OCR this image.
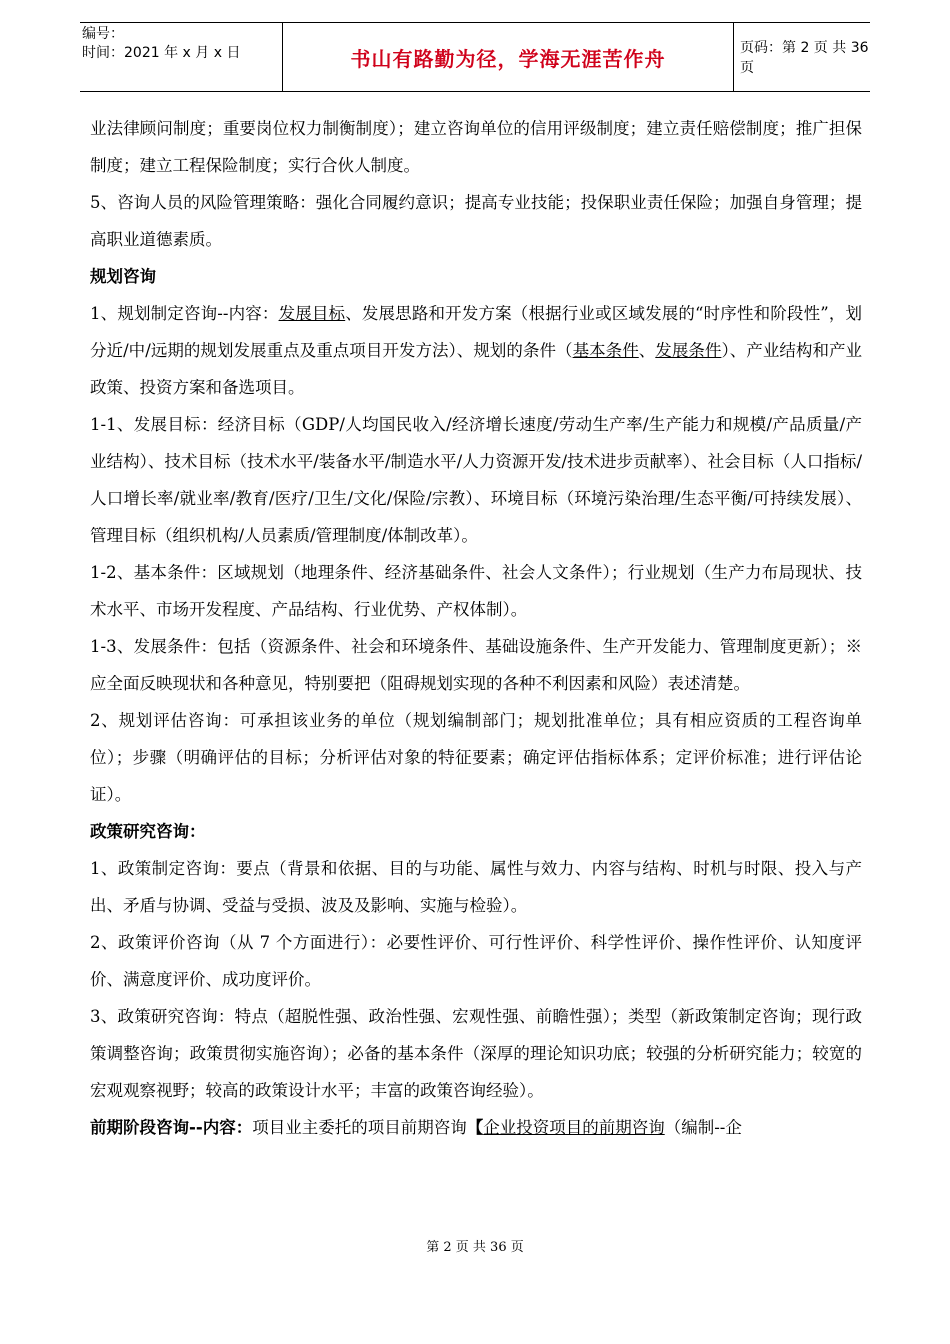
编号：
时间：2021 年 x 月 x 日	书山有路勤为径，学海无涯苦作舟	页码：第 2 页 共 36 页

业法律顾问制度；重要岗位权力制衡制度）；建立咨询单位的信用评级制度；建立责任赔偿制度；推广担保制度；建立工程保险制度；实行合伙人制度。

5、咨询人员的风险管理策略：强化合同履约意识；提高专业技能；投保职业责任保险；加强自身管理；提高职业道德素质。

规划咨询

1、规划制定咨询--内容：发展目标、发展思路和开发方案（根据行业或区域发展的“时序性和阶段性”，划分近/中/远期的规划发展重点及重点项目开发方法）、规划的条件（基本条件、发展条件）、产业结构和产业政策、投资方案和备选项目。

1-1、发展目标：经济目标（GDP/人均国民收入/经济增长速度/劳动生产率/生产能力和规模/产品质量/产业结构）、技术目标（技术水平/装备水平/制造水平/人力资源开发/技术进步贡献率）、社会目标（人口指标/人口增长率/就业率/教育/医疗/卫生/文化/保险/宗教）、环境目标（环境污染治理/生态平衡/可持续发展）、管理目标（组织机构/人员素质/管理制度/体制改革）。

1-2、基本条件：区域规划（地理条件、经济基础条件、社会人文条件）；行业规划（生产力布局现状、技术水平、市场开发程度、产品结构、行业优势、产权体制）。

1-3、发展条件：包括（资源条件、社会和环境条件、基础设施条件、生产开发能力、管理制度更新）；※应全面反映现状和各种意见，特别要把（阻碍规划实现的各种不利因素和风险）表述清楚。

2、规划评估咨询：可承担该业务的单位（规划编制部门；规划批准单位；具有相应资质的工程咨询单位）；步骤（明确评估的目标；分析评估对象的特征要素；确定评估指标体系；定评价标准；进行评估论证）。

政策研究咨询：

1、政策制定咨询：要点（背景和依据、目的与功能、属性与效力、内容与结构、时机与时限、投入与产出、矛盾与协调、受益与受损、波及及影响、实施与检验）。

2、政策评价咨询（从 7 个方面进行）：必要性评价、可行性评价、科学性评价、操作性评价、认知度评价、满意度评价、成功度评价。

3、政策研究咨询：特点（超脱性强、政治性强、宏观性强、前瞻性强）；类型（新政策制定咨询；现行政策调整咨询；政策贯彻实施咨询）；必备的基本条件（深厚的理论知识功底；较强的分析研究能力；较宽的宏观观察视野；较高的政策设计水平；丰富的政策咨询经验）。

前期阶段咨询--内容：项目业主委托的项目前期咨询【企业投资项目的前期咨询（编制--企

第 2 页 共 36 页
